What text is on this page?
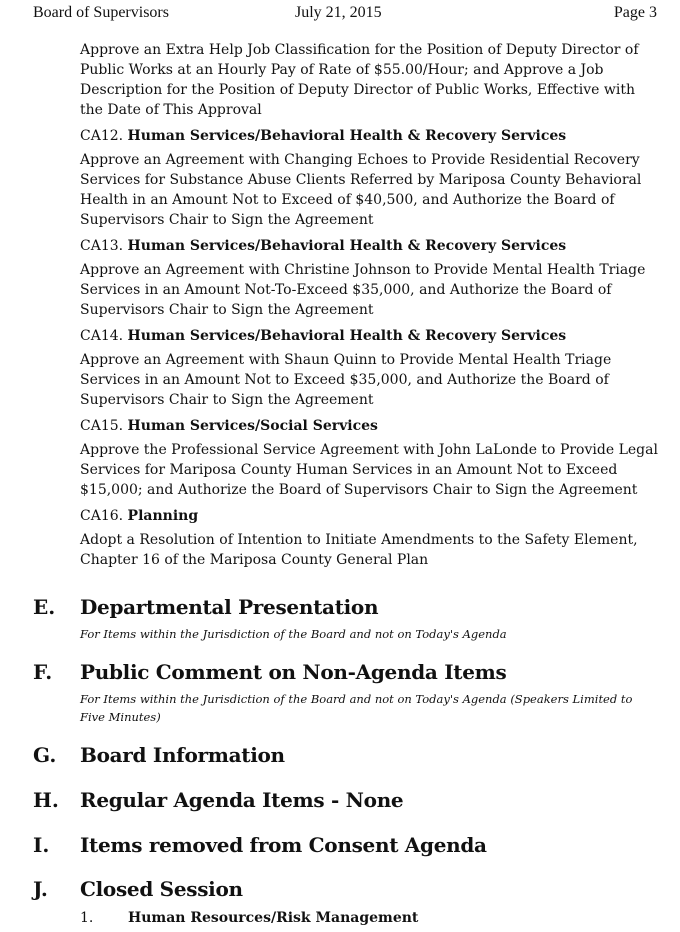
Board of Supervisors	July 21, 2015	Page 3

Approve an Extra Help Job Classification for the Position of Deputy Director of Public Works at an Hourly Pay of Rate of $55.00/Hour; and Approve a Job Description for the Position of Deputy Director of Public Works, Effective with the Date of This Approval

CA12. Human Services/Behavioral Health & Recovery Services

Approve an Agreement with Changing Echoes to Provide Residential Recovery Services for Substance Abuse Clients Referred by Mariposa County Behavioral Health in an Amount Not to Exceed of $40,500, and Authorize the Board of Supervisors Chair to Sign the Agreement

CA13. Human Services/Behavioral Health & Recovery Services

Approve an Agreement with Christine Johnson to Provide Mental Health Triage Services in an Amount Not-To-Exceed $35,000, and Authorize the Board of Supervisors Chair to Sign the Agreement

CA14. Human Services/Behavioral Health & Recovery Services

Approve an Agreement with Shaun Quinn to Provide Mental Health Triage Services in an Amount Not to Exceed $35,000, and Authorize the Board of Supervisors Chair to Sign the Agreement

CA15. Human Services/Social Services

Approve the Professional Service Agreement with John LaLonde to Provide Legal Services for Mariposa County Human Services in an Amount Not to Exceed $15,000; and Authorize the Board of Supervisors Chair to Sign the Agreement

CA16. Planning

Adopt a Resolution of Intention to Initiate Amendments to the Safety Element, Chapter 16 of the Mariposa County General Plan

E. Departmental Presentation
For Items within the Jurisdiction of the Board and not on Today's Agenda
F. Public Comment on Non-Agenda Items
For Items within the Jurisdiction of the Board and not on Today's Agenda (Speakers Limited to Five Minutes)
G. Board Information
H. Regular Agenda Items - None
I. Items removed from Consent Agenda
J. Closed Session
1. Human Resources/Risk Management
